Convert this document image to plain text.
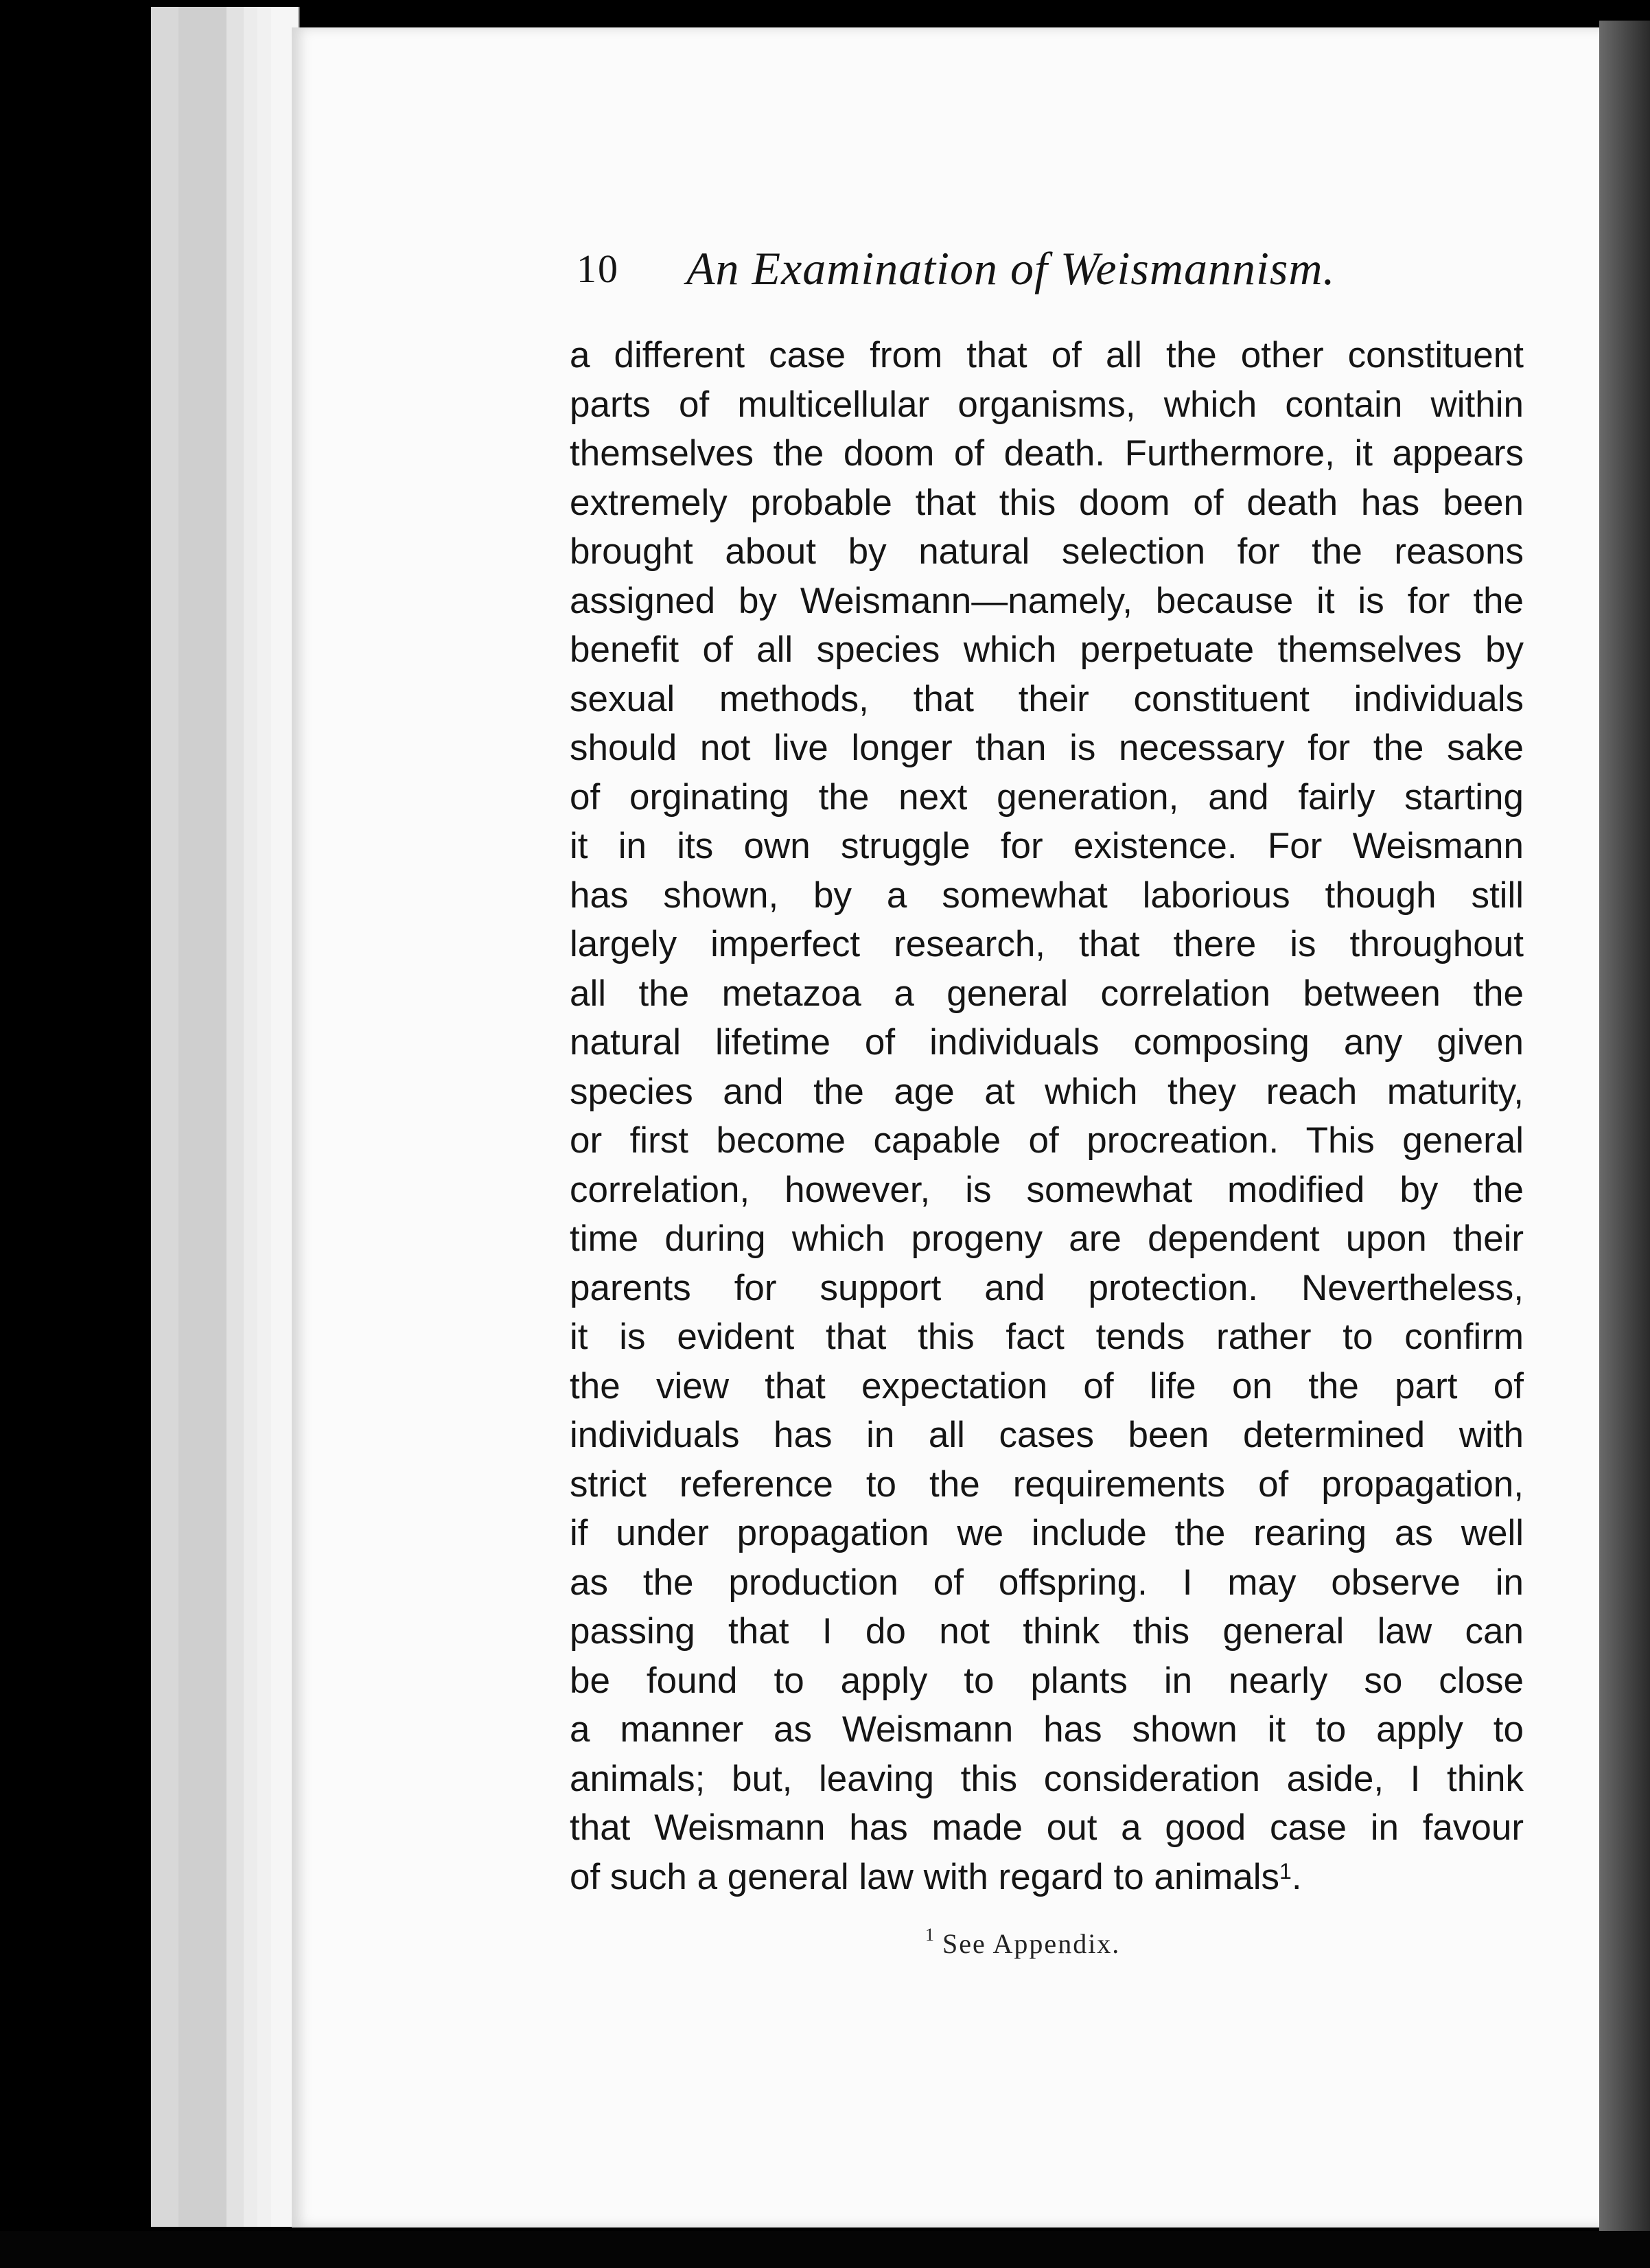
10 An Examination of Weismannism.
a different case from that of all the other constituent
parts of multicellular organisms, which contain within
themselves the doom of death. Furthermore, it appears
extremely probable that this doom of death has been
brought about by natural selection for the reasons
assigned by Weismann—namely, because it is for the
benefit of all species which perpetuate themselves by
sexual methods, that their constituent individuals
should not live longer than is necessary for the sake
of orginating the next generation, and fairly starting
it in its own struggle for existence. For Weismann
has shown, by a somewhat laborious though still
largely imperfect research, that there is throughout
all the metazoa a general correlation between the
natural lifetime of individuals composing any given
species and the age at which they reach maturity,
or first become capable of procreation. This general
correlation, however, is somewhat modified by the
time during which progeny are dependent upon their
parents for support and protection. Nevertheless,
it is evident that this fact tends rather to confirm
the view that expectation of life on the part of
individuals has in all cases been determined with
strict reference to the requirements of propagation,
if under propagation we include the rearing as well
as the production of offspring. I may observe in
passing that I do not think this general law can
be found to apply to plants in nearly so close
a manner as Weismann has shown it to apply to
animals; but, leaving this consideration aside, I think
that Weismann has made out a good case in favour
of such a general law with regard to animals$^1$.
$^1$ See Appendix.
